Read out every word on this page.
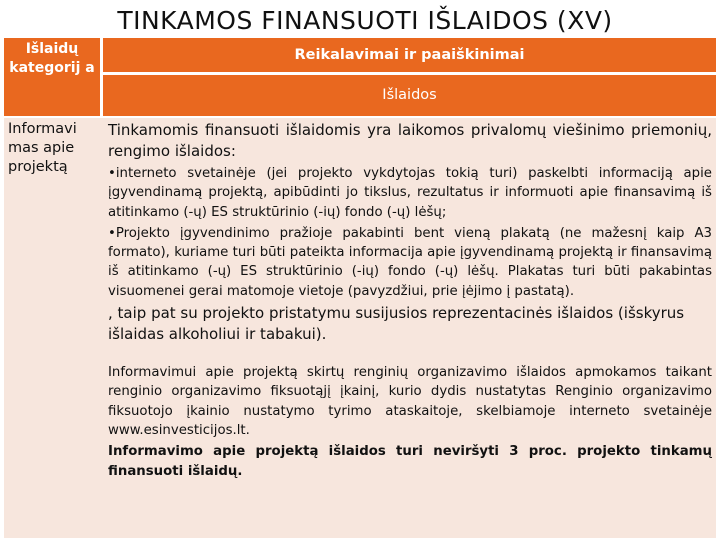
TINKAMOS FINANSUOTI IŠLAIDOS (XV)
Išlaidų kategorij a
Reikalavimai ir paaiškinimai
Išlaidos
Informavi mas apie projektą

Tinkamomis finansuoti išlaidomis yra laikomos privalomų viešinimo priemonių, rengimo išlaidos:

•interneto svetainėje (jei projekto vykdytojas tokią turi) paskelbti informaciją apie įgyvendinamą projektą, apibūdinti jo tikslus, rezultatus ir informuoti apie finansavimą iš atitinkamo (-ų) ES struktūrinio (-ių) fondo (-ų) lėšų;

•Projekto įgyvendinimo pražioje pakabinti bent vieną plakatą (ne mažesnį kaip A3 formato), kuriame turi būti pateikta informacija apie įgyvendinamą projektą ir finansavimą iš atitinkamo (-ų) ES struktūrinio (-ių) fondo (-ų) lėšų. Plakatas turi būti pakabintas visuomenei gerai matomoje vietoje (pavyzdžiui, prie įėjimo į pastatą).

, taip pat su projekto pristatymu susijusios reprezentacinės išlaidos (išskyrus išlaidas alkoholiui ir tabakui).

Informavimui apie projektą skirtų renginių organizavimo išlaidos apmokamos taikant renginio organizavimo fiksuotąjį įkainį, kurio dydis nustatytas Renginio organizavimo fiksuotojo įkainio nustatymo tyrimo ataskaitoje, skelbiamoje interneto svetainėje www.esinvesticijos.lt.

Informavimo apie projektą išlaidos turi neviršyti 3 proc. projekto tinkamų finansuoti išlaidų.
